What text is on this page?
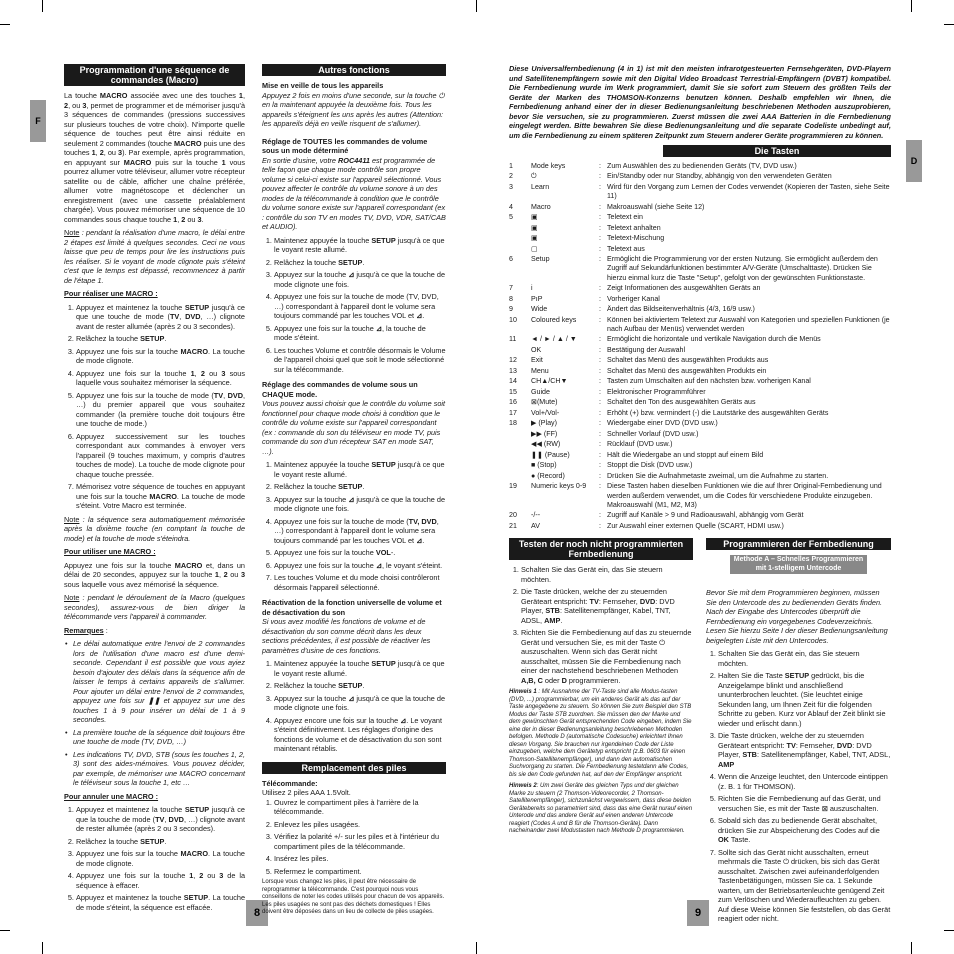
F
D
8	9
Programmation d'une séquence de commandes (Macro)

La touche MACRO associée avec une des touches 1, 2, ou 3, permet de programmer et de mémoriser jusqu'à 3 séquences de commandes (pressions successives sur plusieurs touches de votre choix). N'importe quelle séquence de touches peut être ainsi réduite en seulement 2 commandes (touche MACRO puis une des touches 1, 2, ou 3). Par exemple, après programmation, en appuyant sur MACRO puis sur la touche 1 vous pourrez allumer votre téléviseur, allumer votre récepteur satellite ou de câble, afficher une chaîne préférée, allumer votre magnétoscope et déclencher un enregistrement (avec une cassette préalablement chargée). Vous pouvez mémoriser une séquence de 10 commandes sous chaque touche 1, 2 ou 3.

Note : pendant la réalisation d'une macro, le délai entre 2 étapes est limité à quelques secondes. Ceci ne vous laisse que peu de temps pour lire les instructions puis les réaliser. Si le voyant de mode clignote puis s'éteint c'est que le temps est dépassé, recommencez à partir de l'étape 1.

Pour réaliser une MACRO :

1. Appuyez et maintenez la touche SETUP jusqu'à ce que une touche de mode (TV, DVD, …) clignote avant de rester allumée (après 2 ou 3 secondes).
2. Relâchez la touche SETUP.
3. Appuyez une fois sur la touche MACRO. La touche de mode clignote.
4. Appuyez une fois sur la touche 1, 2 ou 3 sous laquelle vous souhaitez mémoriser la séquence.
5. Appuyez une fois sur la touche de mode (TV, DVD, …) du premier appareil que vous souhaitez commander (la première touche doit toujours être une touche de mode.)
6. Appuyez successivement sur les touches correspondant aux commandes à envoyer vers l'appareil (9 touches maximum, y compris d'autres touches de mode). La touche de mode clignote pour chaque touche pressée.
7. Mémorisez votre séquence de touches en appuyant une fois sur la touche MACRO. La touche de mode s'éteint. Votre Macro est terminée.

Note : la séquence sera automatiquement mémorisée après la dixième touche (en comptant la touche de mode) et la touche de mode s'éteindra.

Pour utiliser une MACRO :

Appuyez une fois sur la touche MACRO et, dans un délai de 20 secondes, appuyez sur la touche 1, 2 ou 3 sous laquelle vous avez mémorisé la séquence.

Note : pendant le déroulement de la Macro (quelques secondes), assurez-vous de bien diriger la télécommande vers l'appareil à commander.

Remarques :

• Le délai automatique entre l'envoi de 2 commandes lors de l'utilisation d'une macro est d'une demi-seconde. Cependant il est possible que vous ayiez besoin d'ajouter des délais dans la séquence afin de laisser le temps à certains appareils de s'allumer. Pour ajouter un délai entre l'envoi de 2 commandes, appuyez une fois sur ❚❚ et appuyez sur une des touches 1 à 9 pour insérer un délai de 1 à 9 secondes.
• La première touche de la séquence doit toujours être une touche de mode (TV, DVD, …)
• Les indications TV, DVD, STB (sous les touches 1, 2, 3) sont des aides-mémoires. Vous pouvez décider, par exemple, de mémoriser une MACRO concernant le téléviseur sous la touche 1, etc …

Pour annuler une MACRO :

1. Appuyez et maintenez la touche SETUP jusqu'à ce que la touche de mode (TV, DVD, …) clignote avant de rester allumée (après 2 ou 3 secondes).
2. Relâchez la touche SETUP.
3. Appuyez une fois sur la touche MACRO. La touche de mode clignote.
4. Appuyez une fois sur la touche 1, 2 ou 3 de la séquence à effacer.
5. Appuyez et maintenez la touche SETUP. La touche de mode s'éteint, la séquence est effacée.
Autres fonctions

Mise en veille de tous les appareils

Appuyez 2 fois en moins d'une seconde, sur la touche ⏻ en la maintenant appuyée la deuxième fois. Tous les appareils s'éteignent les uns après les autres (Attention: les appareils déjà en veille risquent de s'allumer).

Réglage de TOUTES les commandes de volume sous un mode déterminé

En sortie d'usine, votre ROC4411 est programmée de telle façon que chaque mode contrôle son propre volume si celui-ci existe sur l'appareil sélectionné. Vous pouvez affecter le contrôle du volume sonore à un des modes de la télécommande à condition que le contrôle du volume sonore existe sur l'appareil correspondant (ex : contrôle du son TV en modes TV, DVD, VDR, SAT/CAB et AUDIO).

1. Maintenez appuyée la touche SETUP jusqu'à ce que le voyant reste allumé.
2. Relâchez la touche SETUP.
3. Appuyez sur la touche ⊿ jusqu'à ce que la touche de mode clignote une fois.
4. Appuyez une fois sur la touche de mode (TV, DVD, …) correspondant à l'appareil dont le volume sera toujours commandé par les touches VOL et ⊿.
5. Appuyez une fois sur la touche ⊿, la touche de mode s'éteint.
6. Les touches Volume et contrôle désormais le Volume de l'appareil choisi quel que soit le mode sélectionné sur la télécommande.

Réglage des commandes de volume sous un CHAQUE mode.

Vous pouvez aussi choisir que le contrôle du volume soit fonctionnel pour chaque mode choisi à condition que le contrôle du volume existe sur l'appareil correspondant (ex : commande du son du téléviseur en mode TV, puis commande du son d'un récepteur SAT en mode SAT, …).

1. Maintenez appuyée la touche SETUP jusqu'à ce que le voyant reste allumé.
2. Relâchez la touche SETUP.
3. Appuyez sur la touche ⊿ jusqu'à ce que la touche de mode clignote une fois.
4. Appuyez une fois sur la touche de mode (TV, DVD, …) correspondant à l'appareil dont le volume sera toujours commandé par les touches VOL et ⊿.
5. Appuyez une fois sur la touche VOL-.
6. Appuyez une fois sur la touche ⊿, le voyant s'éteint.
7. Les touches Volume et du mode choisi contrôleront désormais l'appareil sélectionné.

Réactivation de la fonction universelle de volume et de désactivation du son

Si vous avez modifié les fonctions de volume et de désactivation du son comme décrit dans les deux sections précédentes, il est possible de réactiver les paramètres d'usine de ces fonctions.

1. Maintenez appuyée la touche SETUP jusqu'à ce que le voyant reste allumé.
2. Relâchez la touche SETUP.
3. Appuyez sur la touche ⊿ jusqu'à ce que la touche de mode clignote une fois.
4. Appuyez encore une fois sur la touche ⊿. Le voyant s'éteint définitivement. Les réglages d'origine des fonctions de volume et de désactivation du son sont maintenant rétablis.
Remplacement des piles

Télécommande:

Utilisez 2 piles AAA 1.5Volt.

1. Ouvrez le compartiment piles à l'arrière de la télécommande.
2. Enlevez les piles usagées.
3. Vérifiez la polarité +/- sur les piles et à l'intérieur du compartiment piles de la télécommande.
4. Insérez les piles.
5. Refermez le compartiment.

Lorsque vous changez les piles, il peut être nécessaire de reprogrammer la télécommande. C'est pourquoi nous vous conseillons de noter les codes utilisés pour chacun de vos appareils. Les piles usagées ne sont pas des déchets domestiques ! Elles doivent être déposées dans un lieu de collecte de piles usagées.

Diese Universalfernbedienung (4 in 1) ist mit den meisten infrarotgesteuerten Fernsehgeräten, DVD-Playern und Satellitenempfängern sowie mit den Digital Video Broadcast Terrestrial-Empfängern (DVBT) kompatibel. Die Fernbedienung wurde im Werk programmiert, damit Sie sie sofort zum Steuern des größten Teils der Geräte der Marken des THOMSON-Konzerns benutzen können. Deshalb empfehlen wir Ihnen, die Fernbedienung anhand einer der in dieser Bedienungsanleitung beschriebenen Methoden auszuprobieren, bevor Sie versuchen, sie zu programmieren. Zuerst müssen die zwei AAA Batterien in die Fernbedienung eingelegt werden. Bitte bewahren Sie diese Bedienungsanleitung und die separate Codeliste unbedingt auf, um die Fernbedienung zu einem späteren Zeitpunkt zum Steuern anderer Geräte programmieren zu können.

Die Tasten
1	Mode keys	:	Zum Auswählen des zu bedienenden Geräts (TV, DVD usw.)
2	⏻	:	Ein/Standby oder nur Standby, abhängig von den verwendeten Geräten
3	Learn	:	Wird für den Vorgang zum Lernen der Codes verwendet (Kopieren der Tasten, siehe Seite 11)
4	Macro	:	Makroauswahl (siehe Seite 12)
5	▣	:	Teletext ein
	▣	:	Teletext anhalten
	▣	:	Teletext-Mischung
	▢	:	Teletext aus
6	Setup	:	Ermöglicht die Programmierung vor der ersten Nutzung. Sie ermöglicht außerdem den Zugriff auf Sekundärfunktionen bestimmter A/V-Geräte (Umschalttaste). Drücken Sie hierzu einmal kurz die Taste "Setup", gefolgt von der gewünschten Funktionstaste.
7	i	:	Zeigt Informationen des ausgewählten Geräts an
8	PıP	:	Vorheriger Kanal
9	Wide	:	Ändert das Bildseitenverhältnis (4/3, 16/9 usw.)
10	Coloured keys	:	Können bei aktiviertem Teletext zur Auswahl von Kategorien und speziellen Funktionen (je nach Aufbau der Menüs) verwendet werden
11	◄ / ► / ▲ / ▼	:	Ermöglicht die horizontale und vertikale Navigation durch die Menüs
	OK	:	Bestätigung der Auswahl
12	Exit	:	Schaltet das Menü des ausgewählten Produkts aus
13	Menu	:	Schaltet das Menü des ausgewählten Produkts ein
14	CH▲/CH▼	:	Tasten zum Umschalten auf den nächsten bzw. vorherigen Kanal
15	Guide	:	Elektronischer Programmführer
16	⊠(Mute)	:	Schaltet den Ton des ausgewählten Geräts aus
17	Vol+/Vol-	:	Erhöht (+) bzw. vermindert (-) die Lautstärke des ausgewählten Geräts
18	▶ (Play)	:	Wiedergabe einer DVD (DVD usw.)
	▶▶ (FF)	:	Schneller Vorlauf (DVD usw.)
	◀◀ (RW)	:	Rücklauf (DVD usw.)
	❚❚ (Pause)	:	Hält die Wiedergabe an und stoppt auf einem Bild
	■ (Stop)	:	Stoppt die Disk (DVD usw.)
	● (Record)	:	Drücken Sie die Aufnahmetaste zweimal, um die Aufnahme zu starten.
19	Numeric keys 0-9	:	Diese Tasten haben dieselben Funktionen wie die auf Ihrer Original-Fernbedienung und werden außerdem verwendet, um die Codes für verschiedene Produkte einzugeben. Makroauswahl (M1, M2, M3)
20	-/--	:	Zugriff auf Kanäle > 9 und Radioauswahl, abhängig vom Gerät
21	AV	:	Zur Auswahl einer externen Quelle (SCART, HDMI usw.)
Testen der noch nicht programmierten Fernbedienung
1. Schalten Sie das Gerät ein, das Sie steuern möchten.
2. Die Taste drücken, welche der zu steuernden Geräteart entspricht: TV: Fernseher, DVD: DVD Player, STB: Satellitenempfänger, Kabel, TNT, ADSL, AMP.
3. Richten Sie die Fernbedienung auf das zu steuernde Gerät und versuchen Sie, es mit der Taste ⏻ auszuschalten. Wenn sich das Gerät nicht ausschaltet, müssen Sie die Fernbedienung nach einer der nachstehend beschriebenen Methoden A,B, C oder D programmieren.

Hinweis 1 : Mit Ausnahme der TV-Taste sind alle Modus-tasten (DVD, ...) programmierbar, um ein anderes Gerät als das auf der Taste angegebene zu steuern. So können Sie zum Beispiel den STB Modus der Taste STB zuordnen. Sie müssen den der Marke und dem gewünschten Gerät entsprechenden Code eingeben, indem Sie eine der in dieser Bedienungsanleitung beschriebenen Methoden befolgen. Methode D (automatische Codesuche) erleichtert Ihnen diesen Vorgang. Sie brauchen nur irgendeinen Code der Liste einzugeben, welche dem Gerätetyp entspricht (z.B. 0603 für einen Thomson-Satellitenempfänger), und dann den automatischen Suchvorgang zu starten. Die Fernbedienung testetdann alle Codes, bis sie den Code gefunden hat, auf den der Empfänger anspricht.

Hinweis 2: Um zwei Geräte des gleichen Typs und der gleichen Marke zu steuern (2 Thomson-Videorecorder, 2 Thomson-Satellitenempfänger), sichzunächst vergewissern, dass diese beiden Gerätebereits so parametriert sind, dass das eine Gerät nurauf einen Unterode und das andere Gerät auf einen anderen Untercode reagiert (Codes A und B für die Thomson-Geräte). Dann nacheinander zwei Modustasten nach Methode D programmieren.

Programmieren der Fernbedienung
Methode A – Schnelles Programmieren mit 1-stelligem Untercode

Bevor Sie mit dem Programmieren beginnen, müssen Sie den Untercode des zu bedienenden Geräts finden. Nach der Eingabe des Untercodes überprüft die Fernbedienung ein vorgegebenes Codeverzeichnis. Lesen Sie hierzu Seite I der dieser Bedienungsanleitung beigelegten Liste mit den Untercodes.

1. Schalten Sie das Gerät ein, das Sie steuern möchten.
2. Halten Sie die Taste SETUP gedrückt, bis die Anzeigelampe blinkt und anschließend ununterbrochen leuchtet. (Sie leuchtet einige Sekunden lang, um Ihnen Zeit für die folgenden Schritte zu geben. Kurz vor Ablauf der Zeit blinkt sie wieder und erlischt dann.)
3. Die Taste drücken, welche der zu steuernden Geräteart entspricht: TV: Fernseher, DVD: DVD Player, STB: Satellitenempfänger, Kabel, TNT, ADSL, AMP
4. Wenn die Anzeige leuchtet, den Untercode eintippen (z. B. 1 für THOMSON).
5. Richten Sie die Fernbedienung auf das Gerät, und versuchen Sie, es mit der Taste ⊠ auszuschalten.
6. Sobald sich das zu bedienende Gerät abschaltet, drücken Sie zur Abspeicherung des Codes auf die OK Taste.
7. Sollte sich das Gerät nicht ausschalten, erneut mehrmals die Taste ⏻ drücken, bis sich das Gerät ausschaltet. Zwischen zwei aufeinanderfolgenden Tastenbetätigungen, müssen Sie ca. 1 Sekunde warten, um der Betriebsartenleuchte genügend Zeit zum Verlöschen und Wiederaufleuchten zu geben. Auf diese Weise können Sie feststellen, ob das Gerät reagiert oder nicht.
